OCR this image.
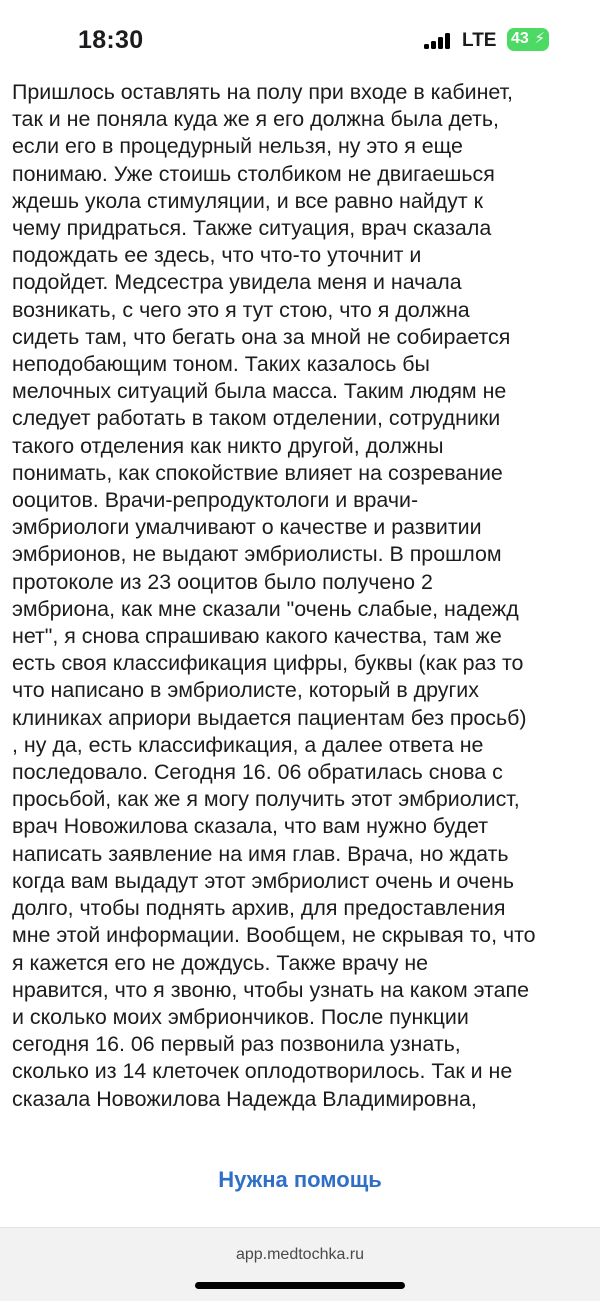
18:30	LTE 43 ⚡
Пришлось оставлять на полу при входе в кабинет,
так и не поняла куда же я его должна была деть,
если его в процедурный нельзя, ну это я еще
понимаю. Уже стоишь столбиком не двигаешься
ждешь укола стимуляции, и все равно найдут к
чему придраться. Также ситуация, врач сказала
подождать ее здесь, что что-то уточнит и
подойдет. Медсестра увидела меня и начала
возникать, с чего это я тут стою, что я должна
сидеть там, что бегать она за мной не собирается
неподобающим тоном. Таких казалось бы
мелочных ситуаций была масса. Таким людям не
следует работать в таком отделении, сотрудники
такого отделения как никто другой, должны
понимать, как спокойствие влияет на созревание
ооцитов. Врачи-репродуктологи и врачи-
эмбриологи умалчивают о качестве и развитии
эмбрионов, не выдают эмбриолисты. В прошлом
протоколе из 23 ооцитов было получено 2
эмбриона, как мне сказали "очень слабые, надежд
нет", я снова спрашиваю какого качества, там же
есть своя классификация цифры, буквы (как раз то
что написано в эмбриолисте, который в других
клиниках априори выдается пациентам без просьб)
, ну да, есть классификация, а далее ответа не
последовало. Сегодня 16. 06 обратилась снова с
просьбой, как же я могу получить этот эмбриолист,
врач Новожилова сказала, что вам нужно будет
написать заявление на имя глав. Врача, но ждать
когда вам выдадут этот эмбриолист очень и очень
долго, чтобы поднять архив, для предоставления
мне этой информации. Вообщем, не скрывая то, что
я кажется его не дождусь. Также врачу не
нравится, что я звоню, чтобы узнать на каком этапе
и сколько моих эмбриончиков. После пункции
сегодня 16. 06 первый раз позвонила узнать,
сколько из 14 клеточек оплодотворилось. Так и не
сказала Новожилова Надежда Владимировна,
Нужна помощь
app.medtochka.ru
